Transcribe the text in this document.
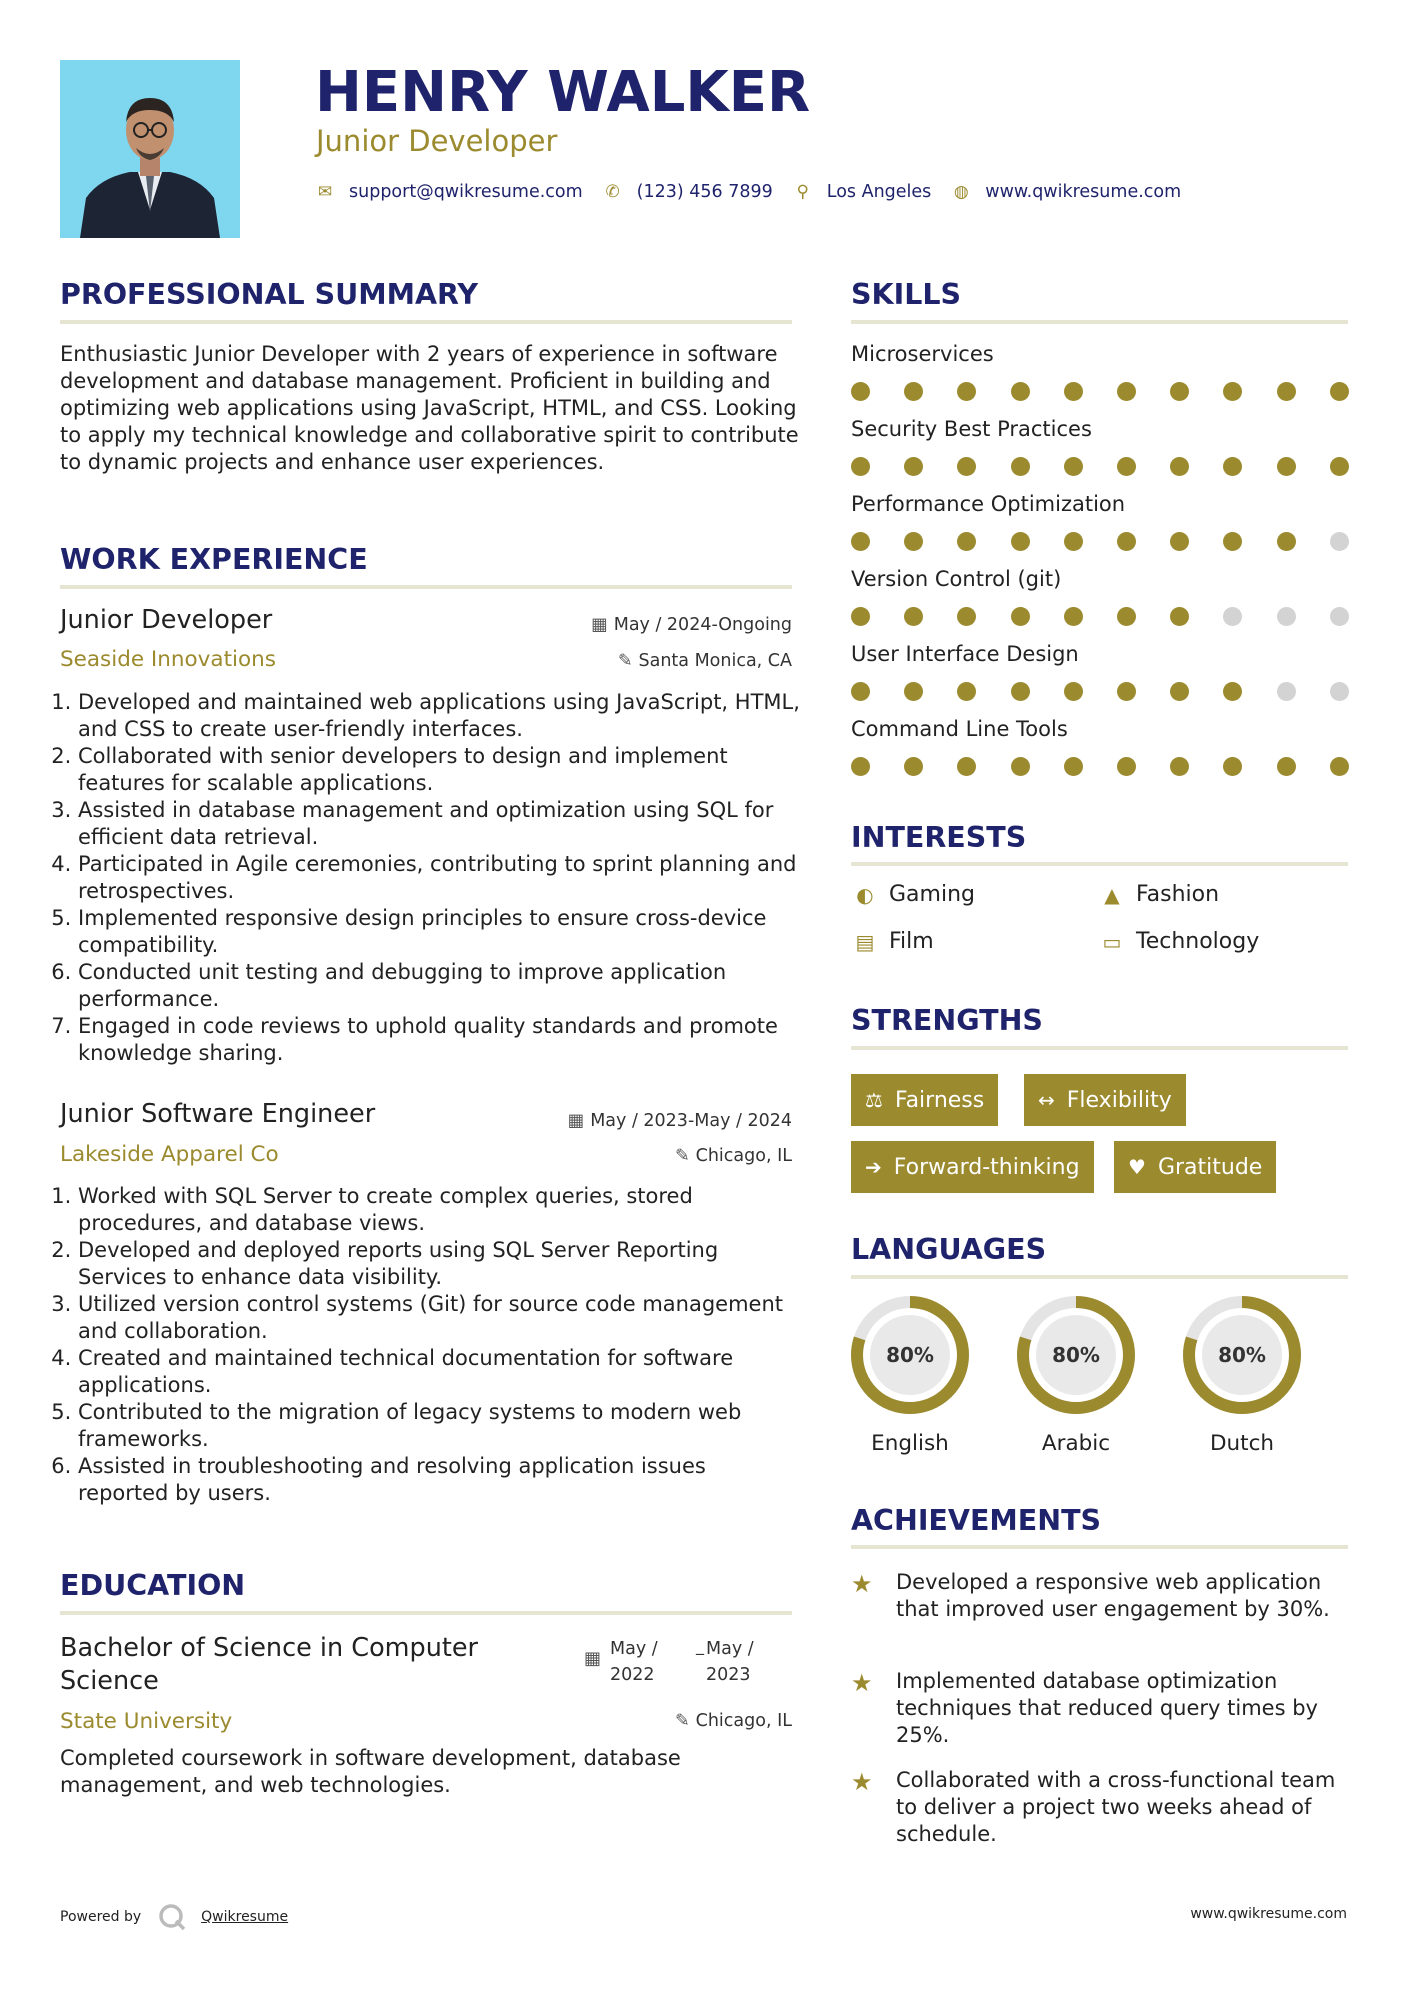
HENRY WALKER
Junior Developer
✉ support@qwikresume.com ✆ (123) 456 7899 ⚲ Los Angeles ◍ www.qwikresume.com
PROFESSIONAL SUMMARY
Enthusiastic Junior Developer with 2 years of experience in software development and database management. Proficient in building and optimizing web applications using JavaScript, HTML, and CSS. Looking to apply my technical knowledge and collaborative spirit to contribute to dynamic projects and enhance user experiences.
WORK EXPERIENCE
Junior Developer	▦ May / 2024-Ongoing
Seaside Innovations	✎ Santa Monica, CA
1. Developed and maintained web applications using JavaScript, HTML, and CSS to create user-friendly interfaces.
2. Collaborated with senior developers to design and implement features for scalable applications.
3. Assisted in database management and optimization using SQL for efficient data retrieval.
4. Participated in Agile ceremonies, contributing to sprint planning and retrospectives.
5. Implemented responsive design principles to ensure cross-device compatibility.
6. Conducted unit testing and debugging to improve application performance.
7. Engaged in code reviews to uphold quality standards and promote knowledge sharing.
Junior Software Engineer	▦ May / 2023-May / 2024
Lakeside Apparel Co	✎ Chicago, IL
1. Worked with SQL Server to create complex queries, stored procedures, and database views.
2. Developed and deployed reports using SQL Server Reporting Services to enhance data visibility.
3. Utilized version control systems (Git) for source code management and collaboration.
4. Created and maintained technical documentation for software applications.
5. Contributed to the migration of legacy systems to modern web frameworks.
6. Assisted in troubleshooting and resolving application issues reported by users.
EDUCATION
Bachelor of Science in Computer Science
▦ May / 2022
_ May / 2023
State University	✎ Chicago, IL
Completed coursework in software development, database management, and web technologies.
SKILLS
Microservices
Security Best Practices
Performance Optimization
Version Control (git)
User Interface Design
Command Line Tools
INTERESTS
◐ Gaming	▲ Fashion
▤ Film	▭ Technology
STRENGTHS
⚖ Fairness	↔ Flexibility
➔ Forward-thinking ♥ Gratitude
LANGUAGES
80%
English
80%
Arabic
80%
Dutch
ACHIEVEMENTS
★ Developed a responsive web application that improved user engagement by 30%.
★ Implemented database optimization techniques that reduced query times by 25%.
★ Collaborated with a cross-functional team to deliver a project two weeks ahead of schedule.
Powered by	Qwikresume	www.qwikresume.com
